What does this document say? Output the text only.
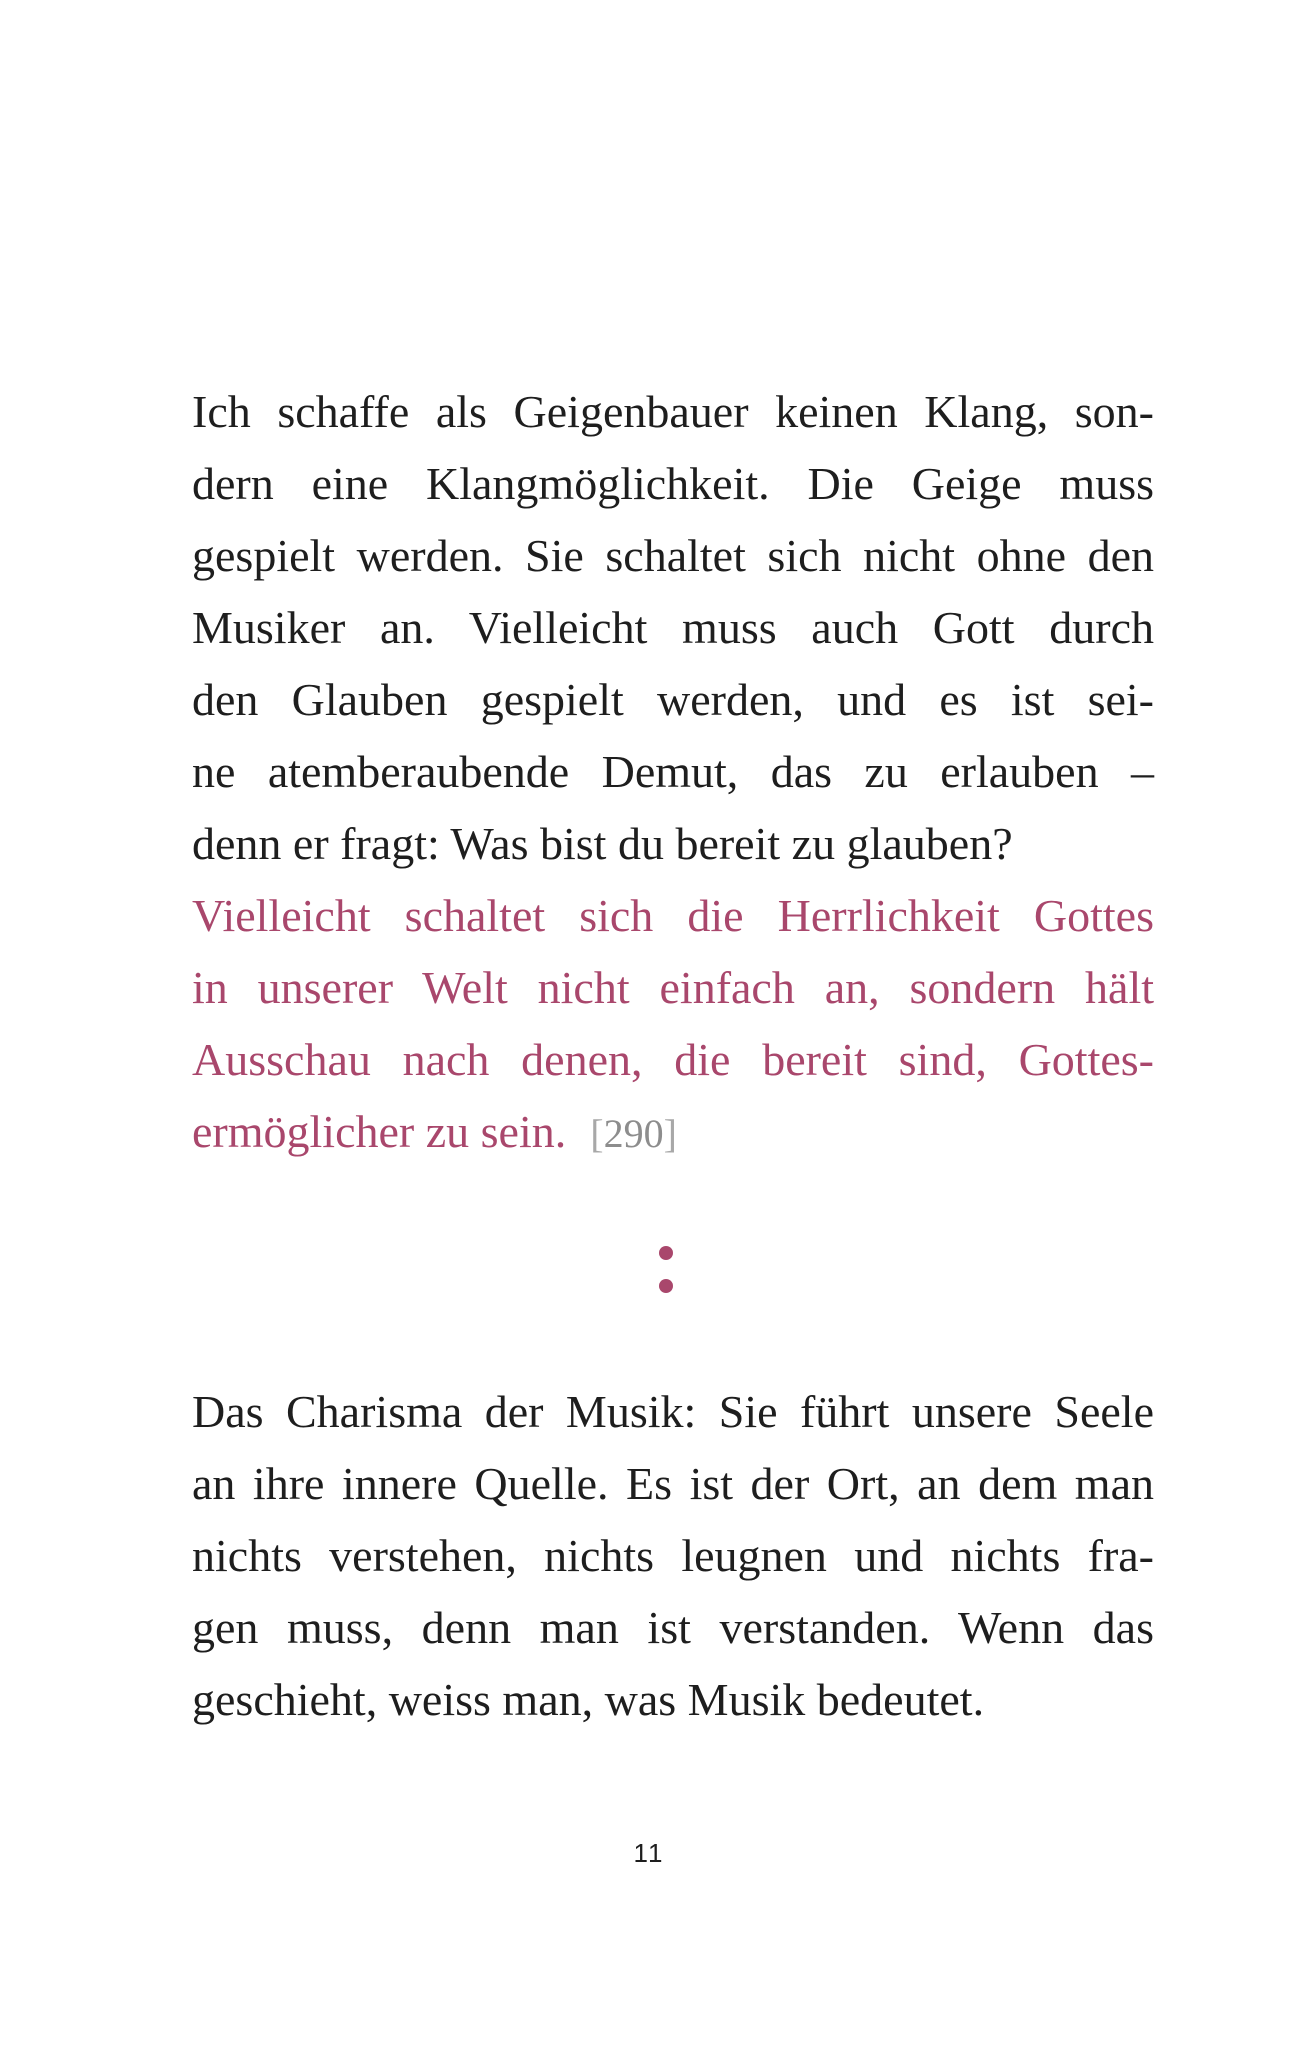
Ich schaffe als Geigenbauer keinen Klang, son-
dern eine Klangmöglichkeit. Die Geige muss
gespielt werden. Sie schaltet sich nicht ohne den
Musiker an. Vielleicht muss auch Gott durch
den Glauben gespielt werden, und es ist sei-
ne atemberaubende Demut, das zu erlauben –
denn er fragt: Was bist du bereit zu glauben?
Vielleicht schaltet sich die Herrlichkeit Gottes
in unserer Welt nicht einfach an, sondern hält
Ausschau nach denen, die bereit sind, Gottes-
ermöglicher zu sein. [290]
Das Charisma der Musik: Sie führt unsere Seele
an ihre innere Quelle. Es ist der Ort, an dem man
nichts verstehen, nichts leugnen und nichts fra-
gen muss, denn man ist verstanden. Wenn das
geschieht, weiss man, was Musik bedeutet.
11
